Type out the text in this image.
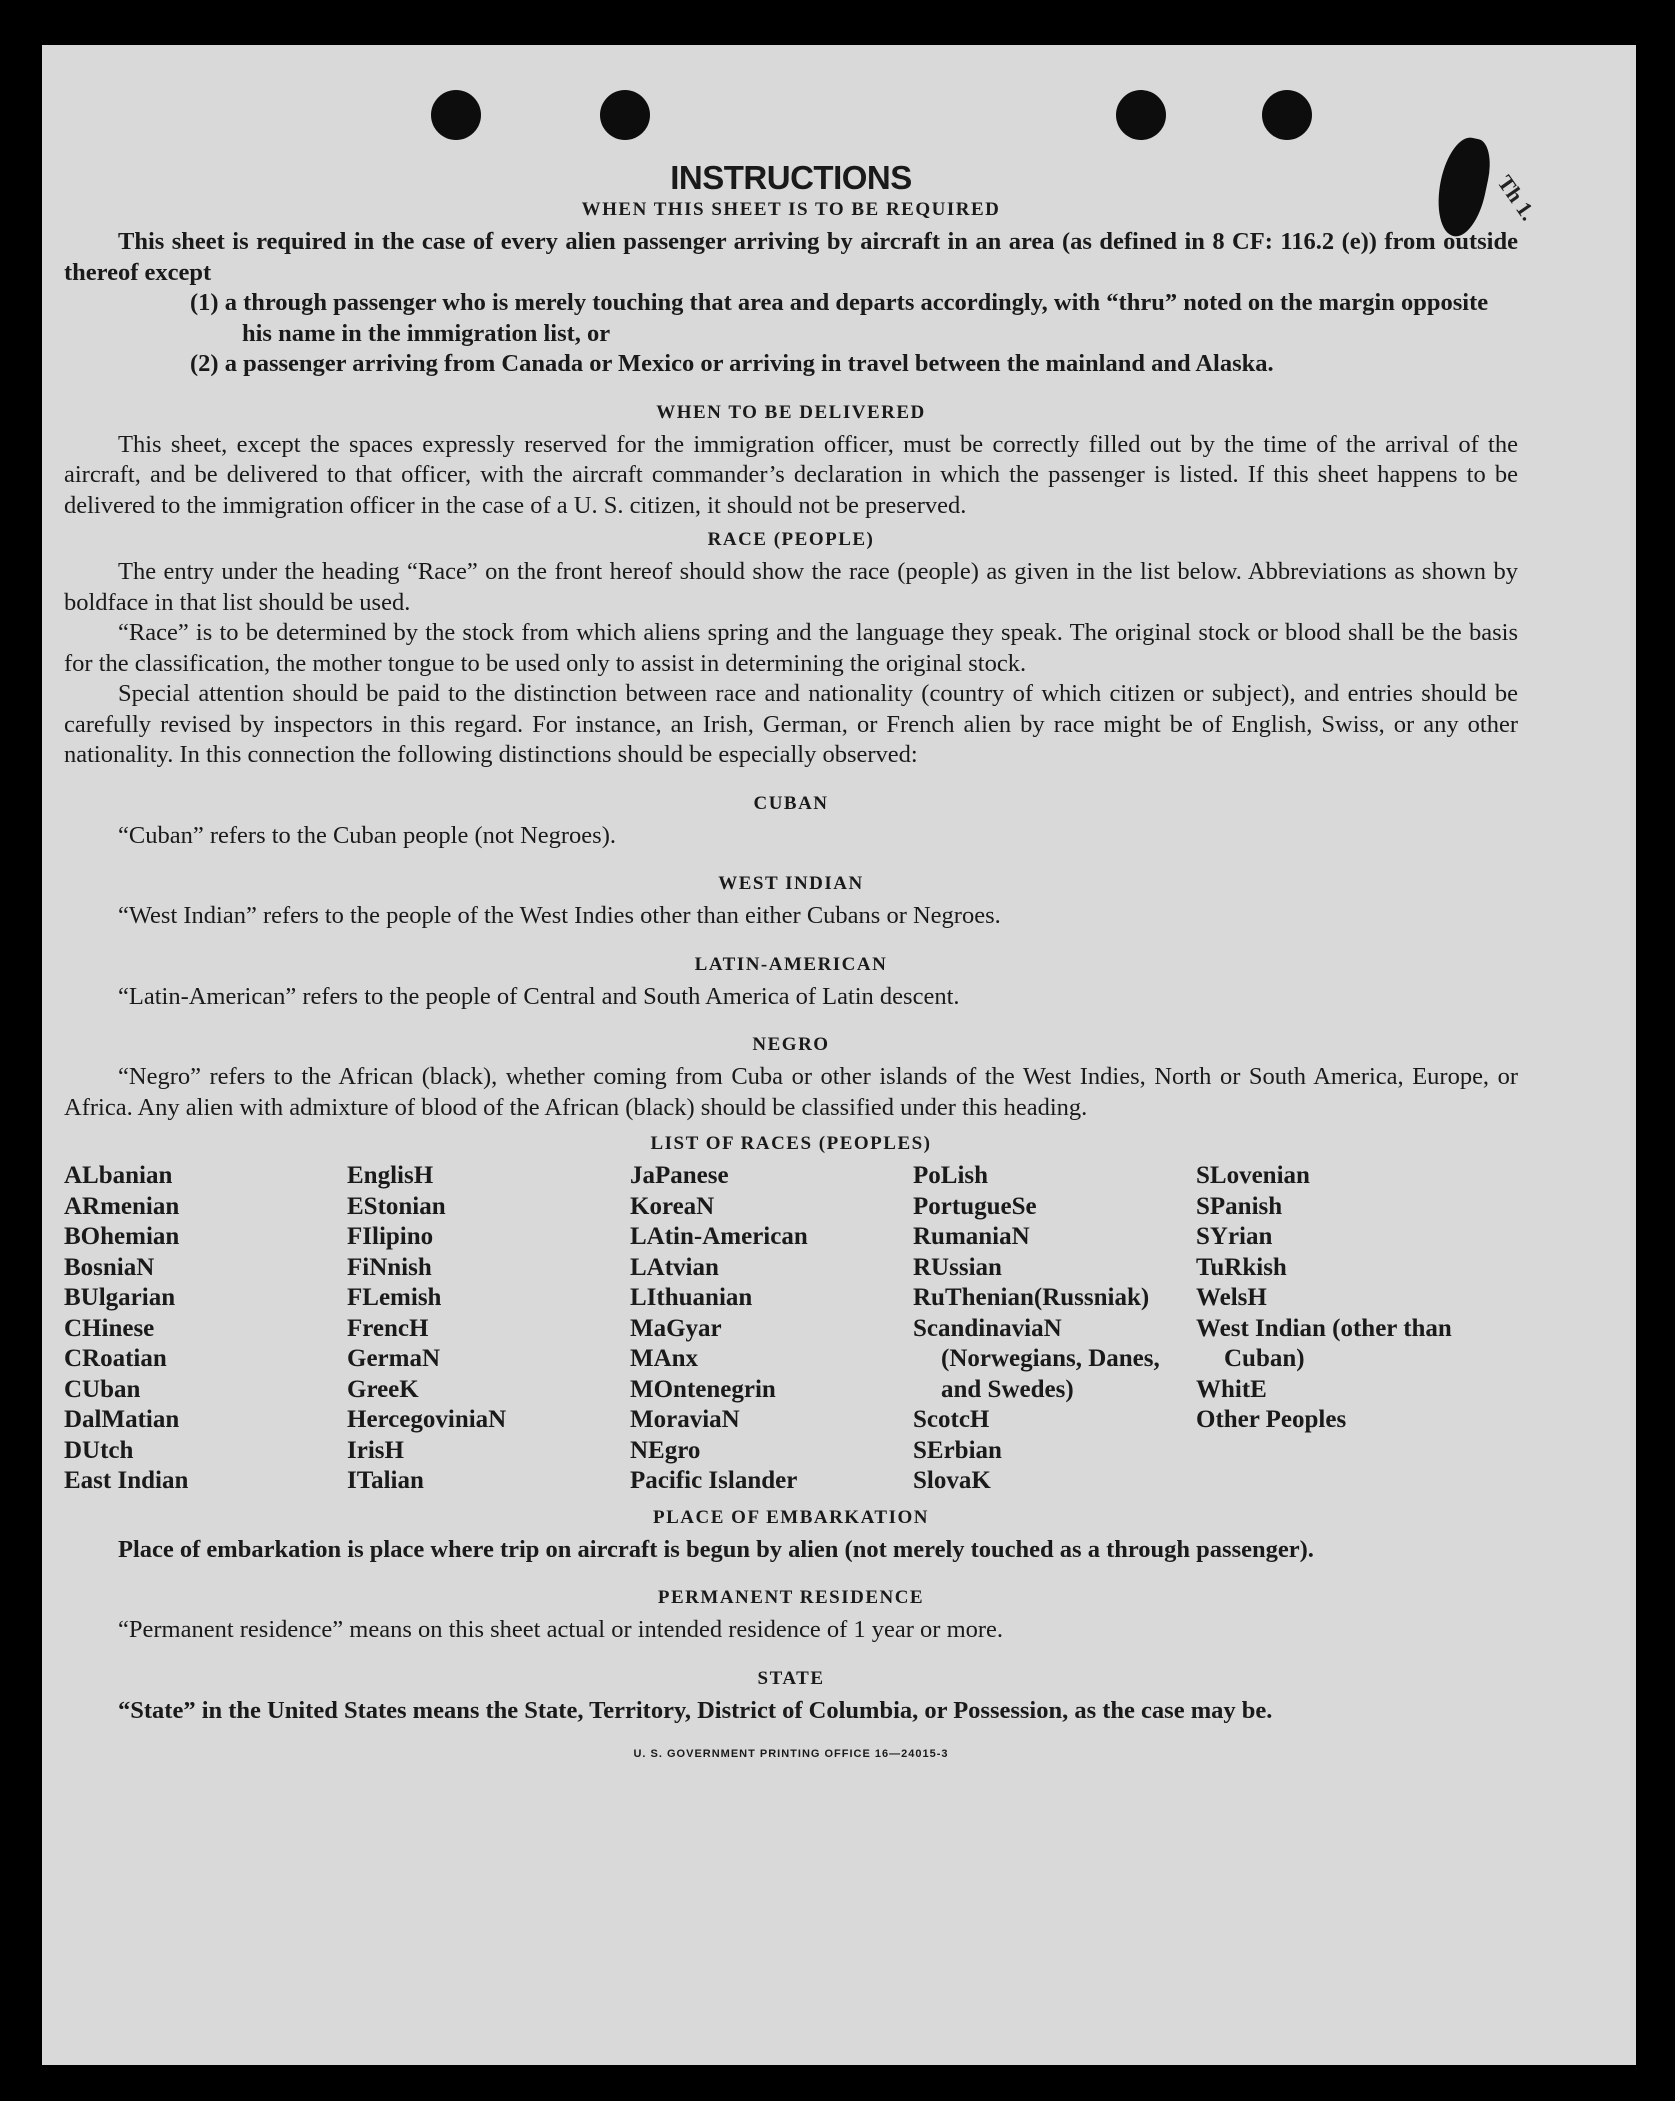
Th 1.
INSTRUCTIONS
WHEN THIS SHEET IS TO BE REQUIRED

This sheet is required in the case of every alien passenger arriving by aircraft in an area (as defined in 8 CF: 116.2 (e)) from outside thereof except

(1) a through passenger who is merely touching that area and departs accordingly, with “thru” noted on the margin opposite his name in the immigration list, or
(2) a passenger arriving from Canada or Mexico or arriving in travel between the mainland and Alaska.
WHEN TO BE DELIVERED

This sheet, except the spaces expressly reserved for the immigration officer, must be correctly filled out by the time of the arrival of the aircraft, and be delivered to that officer, with the aircraft commander’s declaration in which the passenger is listed. If this sheet happens to be delivered to the immigration officer in the case of a U. S. citizen, it should not be preserved.

RACE (PEOPLE)

The entry under the heading “Race” on the front hereof should show the race (people) as given in the list below. Abbreviations as shown by boldface in that list should be used.

“Race” is to be determined by the stock from which aliens spring and the language they speak. The original stock or blood shall be the basis for the classification, the mother tongue to be used only to assist in determining the original stock.

Special attention should be paid to the distinction between race and nationality (country of which citizen or subject), and entries should be carefully revised by inspectors in this regard. For instance, an Irish, German, or French alien by race might be of English, Swiss, or any other nationality. In this connection the following distinctions should be especially observed:

CUBAN

“Cuban” refers to the Cuban people (not Negroes).

WEST INDIAN

“West Indian” refers to the people of the West Indies other than either Cubans or Negroes.

LATIN-AMERICAN

“Latin-American” refers to the people of Central and South America of Latin descent.

NEGRO

“Negro” refers to the African (black), whether coming from Cuba or other islands of the West Indies, North or South America, Europe, or Africa. Any alien with admixture of blood of the African (black) should be classified under this heading.

LIST OF RACES (PEOPLES)
ALbanian
ARmenian
BOhemian
BosniaN
BUlgarian
CHinese
CRoatian
CUban
DalMatian
DUtch
East Indian
EnglisH
EStonian
FIlipino
FiNnish
FLemish
FrencH
GermaN
GreeK
HercegoviniaN
IrisH
ITalian
JaPanese
KoreaN
LAtin-American
LAtvian
LIthuanian
MaGyar
MAnx
MOntenegrin
MoraviaN
NEgro
Pacific Islander
PoLish
PortugueSe
RumaniaN
RUssian
RuThenian(Russniak)
ScandinaviaN (Norwegians, Danes, and Swedes)
ScotcH
SErbian
SlovaK
SLovenian
SPanish
SYrian
TuRkish
WelsH
West Indian (other than Cuban)
WhitE
Other Peoples
PLACE OF EMBARKATION

Place of embarkation is place where trip on aircraft is begun by alien (not merely touched as a through passenger).

PERMANENT RESIDENCE

“Permanent residence” means on this sheet actual or intended residence of 1 year or more.

STATE

“State” in the United States means the State, Territory, District of Columbia, or Possession, as the case may be.

U. S. GOVERNMENT PRINTING OFFICE 16—24015-3
